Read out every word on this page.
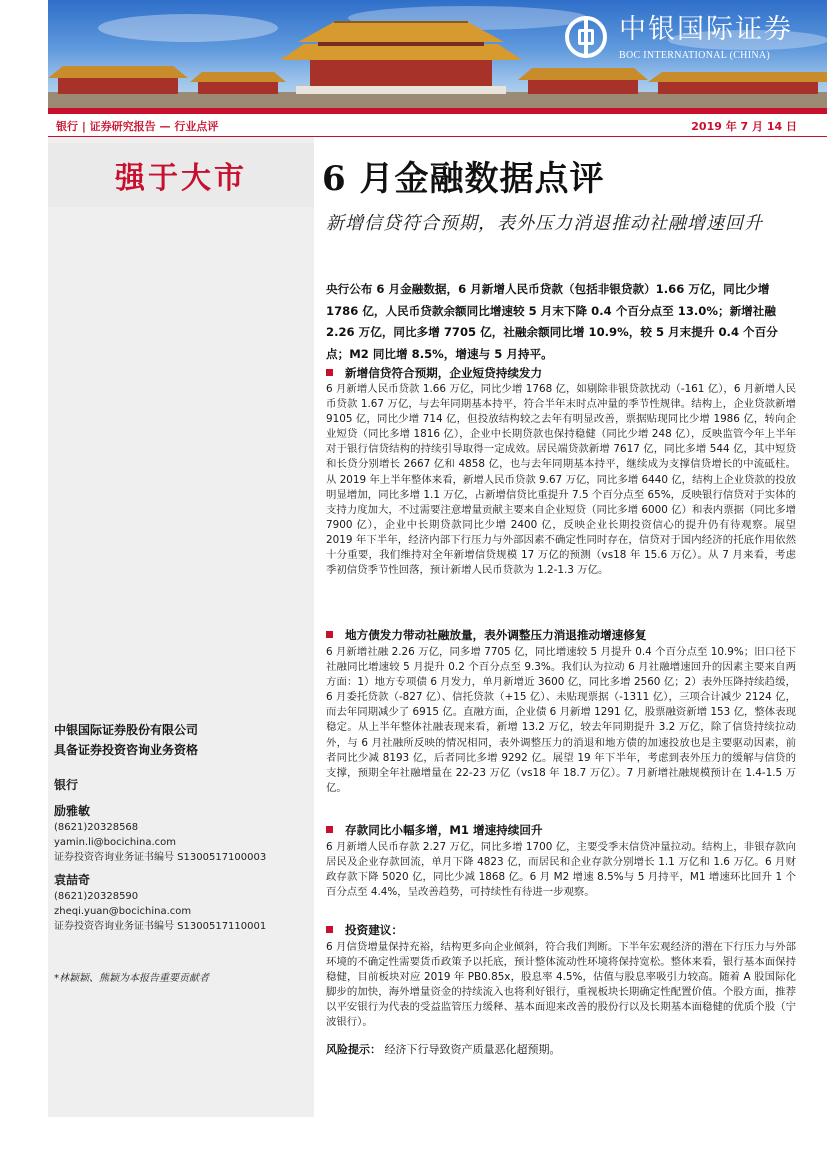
中银国际证券
BOC INTERNATIONAL (CHINA)
银行 | 证券研究报告 — 行业点评	2019 年 7 月 14 日
强于大市
中银国际证券股份有限公司
具备证券投资咨询业务资格
银行
励雅敏
(8621)20328568
yamin.li@bocichina.com
证券投资咨询业务证书编号 S1300517100003
袁喆奇
(8621)20328590
zheqi.yuan@bocichina.com
证券投资咨询业务证书编号 S1300517110001
*林颖颖、熊颖为本报告重要贡献者
6 月金融数据点评
新增信贷符合预期，表外压力消退推动社融增速回升
央行公布 6 月金融数据，6 月新增人民币贷款（包括非银贷款）1.66 万亿，同比少增 1786 亿，人民币贷款余额同比增速较 5 月末下降 0.4 个百分点至 13.0%；新增社融 2.26 万亿，同比多增 7705 亿，社融余额同比增 10.9%，较 5 月末提升 0.4 个百分点；M2 同比增 8.5%，增速与 5 月持平。
新增信贷符合预期，企业短贷持续发力
6 月新增人民币贷款 1.66 万亿，同比少增 1768 亿，如剔除非银贷款扰动（-161 亿），6 月新增人民币贷款 1.67 万亿，与去年同期基本持平，符合半年末时点冲量的季节性规律。结构上，企业贷款新增 9105 亿，同比少增 714 亿，但投放结构较之去年有明显改善，票据贴现同比少增 1986 亿，转向企业短贷（同比多增 1816 亿），企业中长期贷款也保持稳健（同比少增 248 亿），反映监管今年上半年对于银行信贷结构的持续引导取得一定成效。居民端贷款新增 7617 亿，同比多增 544 亿，其中短贷和长贷分别增长 2667 亿和 4858 亿，也与去年同期基本持平，继续成为支撑信贷增长的中流砥柱。从 2019 年上半年整体来看，新增人民币贷款 9.67 万亿，同比多增 6440 亿，结构上企业贷款的投放明显增加，同比多增 1.1 万亿，占新增信贷比重提升 7.5 个百分点至 65%，反映银行信贷对于实体的支持力度加大，不过需要注意增量贡献主要来自企业短贷（同比多增 6000 亿）和表内票据（同比多增 7900 亿），企业中长期贷款同比少增 2400 亿，反映企业长期投资信心的提升仍有待观察。展望 2019 年下半年，经济内部下行压力与外部因素不确定性同时存在，信贷对于国内经济的托底作用依然十分重要，我们维持对全年新增信贷规模 17 万亿的预测（vs18 年 15.6 万亿）。从 7 月来看，考虑季初信贷季节性回落，预计新增人民币贷款为 1.2-1.3 万亿。
地方债发力带动社融放量，表外调整压力消退推动增速修复
6 月新增社融 2.26 万亿，同多增 7705 亿，同比增速较 5 月提升 0.4 个百分点至 10.9%；旧口径下社融同比增速较 5 月提升 0.2 个百分点至 9.3%。我们认为拉动 6 月社融增速回升的因素主要来自两方面：1）地方专项债 6 月发力，单月新增近 3600 亿，同比多增 2560 亿；2）表外压降持续趋缓，6 月委托贷款（-827 亿）、信托贷款（+15 亿）、未贴现票据（-1311 亿），三项合计减少 2124 亿，而去年同期减少了 6915 亿。直融方面，企业债 6 月新增 1291 亿，股票融资新增 153 亿，整体表现稳定。从上半年整体社融表现来看，新增 13.2 万亿，较去年同期提升 3.2 万亿，除了信贷持续拉动外，与 6 月社融所反映的情况相同，表外调整压力的消退和地方债的加速投放也是主要驱动因素，前者同比少减 8193 亿，后者同比多增 9292 亿。展望 19 年下半年，考虑到表外压力的缓解与信贷的支撑，预期全年社融增量在 22-23 万亿（vs18 年 18.7 万亿）。7 月新增社融规模预计在 1.4-1.5 万亿。
存款同比小幅多增，M1 增速持续回升
6 月新增人民币存款 2.27 万亿，同比多增 1700 亿，主要受季末信贷冲量拉动。结构上，非银存款向居民及企业存款回流，单月下降 4823 亿，而居民和企业存款分别增长 1.1 万亿和 1.6 万亿。6 月财政存款下降 5020 亿，同比少减 1868 亿。6 月 M2 增速 8.5%与 5 月持平，M1 增速环比回升 1 个百分点至 4.4%，呈改善趋势，可持续性有待进一步观察。
投资建议：
6 月信贷增量保持充裕，结构更多向企业倾斜，符合我们判断。下半年宏观经济的潜在下行压力与外部环境的不确定性需要货币政策予以托底，预计整体流动性环境将保持宽松。整体来看，银行基本面保持稳健，目前板块对应 2019 年 PB0.85x，股息率 4.5%，估值与股息率吸引力较高。随着 A 股国际化脚步的加快，海外增量资金的持续流入也将利好银行，重视板块长期确定性配置价值。个股方面，推荐以平安银行为代表的受益监管压力缓释、基本面迎来改善的股份行以及长期基本面稳健的优质个股（宁波银行）。
风险提示： 经济下行导致资产质量恶化超预期。
